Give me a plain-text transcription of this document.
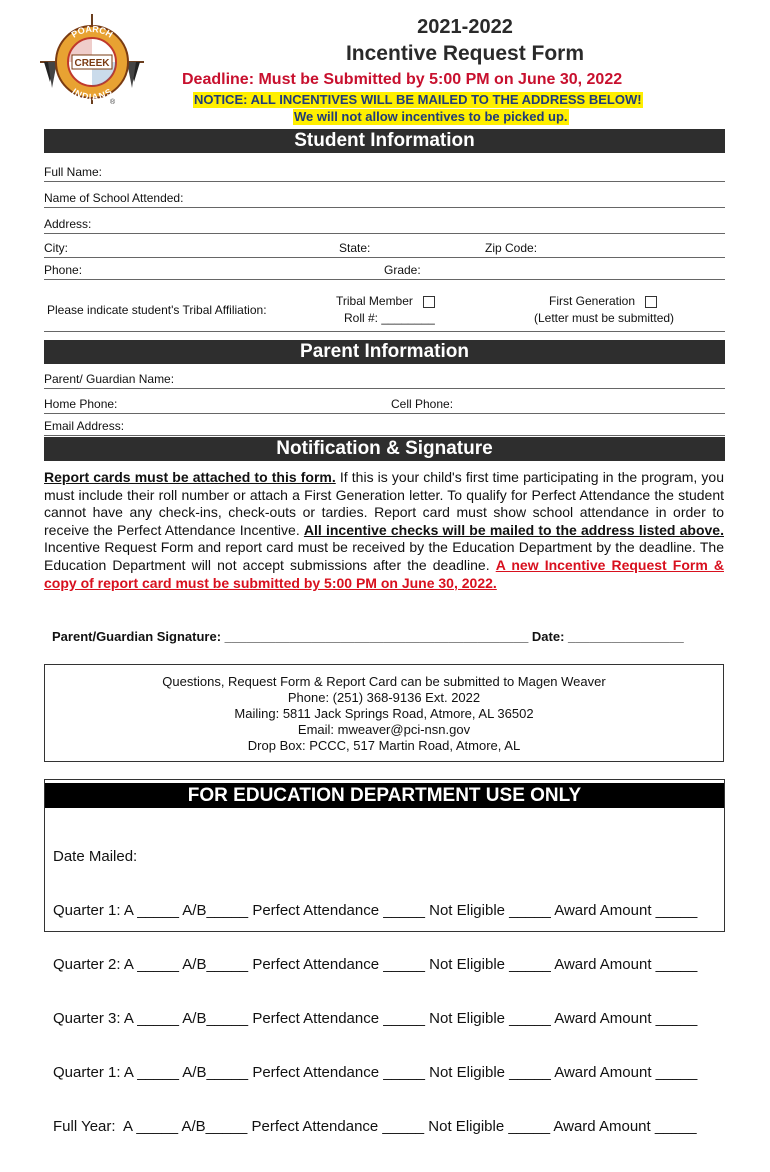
CREEK
POARCH
INDIANS
®
2021-2022
Incentive Request Form
Deadline: Must be Submitted by 5:00 PM on June 30, 2022
NOTICE: ALL INCENTIVES WILL BE MAILED TO THE ADDRESS BELOW!
We will not allow incentives to be picked up.
Student Information
Full Name:
Name of School Attended:
Address:
City:	State:	Zip Code:
Phone:	Grade:
Please indicate student's Tribal Affiliation:
Tribal Member
Roll #: ________
First Generation
(Letter must be submitted)
Parent Information
Parent/ Guardian Name:
Home Phone:	Cell Phone:
Email Address:
Notification & Signature
Report cards must be attached to this form. If this is your child's first time participating in the program, you must include their roll number or attach a First Generation letter. To qualify for Perfect Attendance the student cannot have any check-ins, check-outs or tardies. Report card must show school attendance in order to receive the Perfect Attendance Incentive. All incentive checks will be mailed to the address listed above. Incentive Request Form and report card must be received by the Education Department by the deadline. The Education Department will not accept submissions after the deadline. A new Incentive Request Form & copy of report card must be submitted by 5:00 PM on June 30, 2022.
Parent/Guardian Signature: __________________________________________ Date: ________________
Questions, Request Form & Report Card can be submitted to Magen Weaver
Phone: (251) 368-9136 Ext. 2022
Mailing: 5811 Jack Springs Road, Atmore, AL 36502
Email: mweaver@pci-nsn.gov
Drop Box: PCCC, 517 Martin Road, Atmore, AL
FOR EDUCATION DEPARTMENT USE ONLY

Date Mailed:

Quarter 1: A _____ A/B_____ Perfect Attendance _____ Not Eligible _____ Award Amount _____

Quarter 2: A _____ A/B_____ Perfect Attendance _____ Not Eligible _____ Award Amount _____

Quarter 3: A _____ A/B_____ Perfect Attendance _____ Not Eligible _____ Award Amount _____

Quarter 1: A _____ A/B_____ Perfect Attendance _____ Not Eligible _____ Award Amount _____

Full Year:  A _____ A/B_____ Perfect Attendance _____ Not Eligible _____ Award Amount _____
